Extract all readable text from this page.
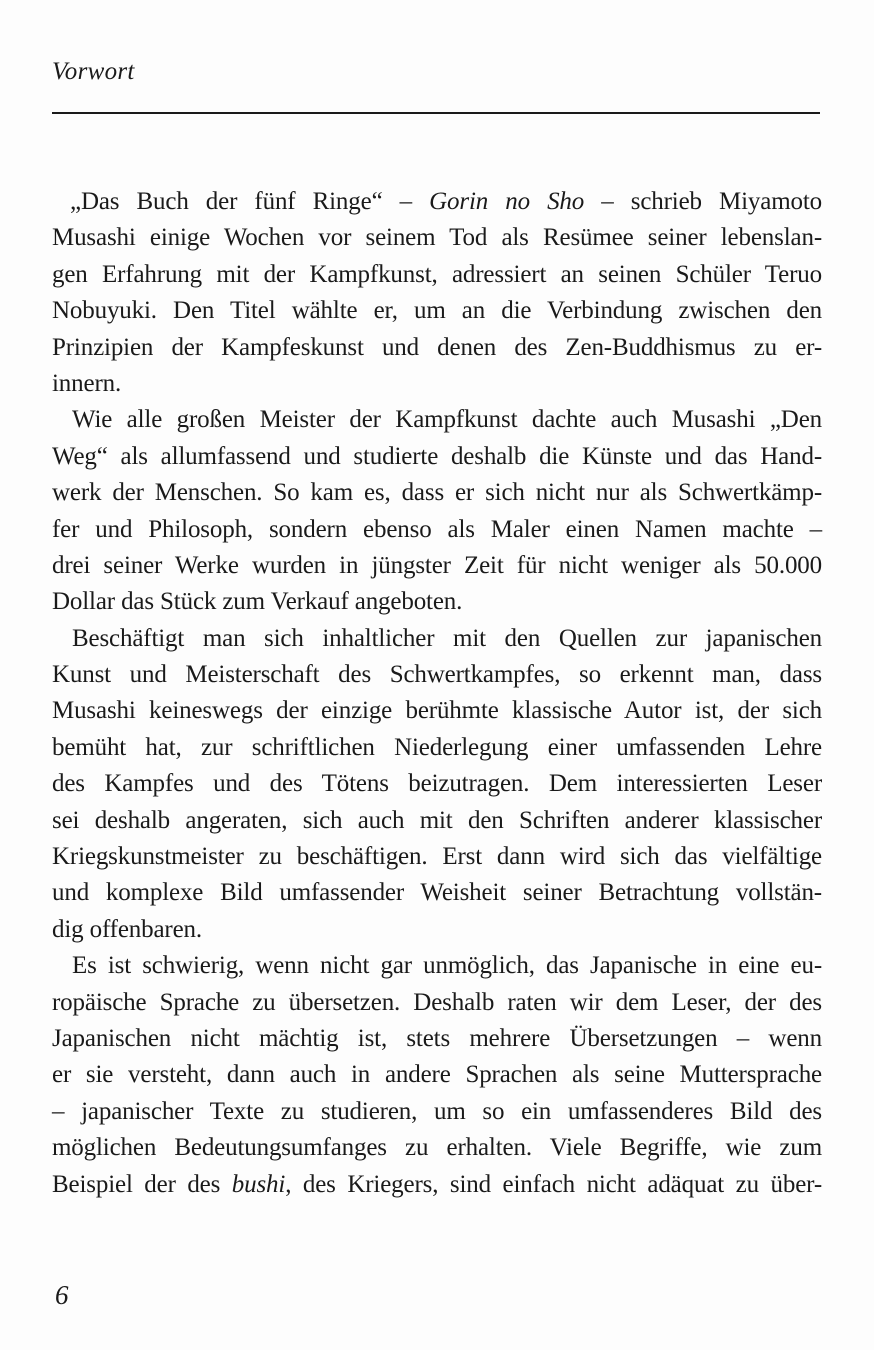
Vorwort
„Das Buch der fünf Ringe“ – Gorin no Sho – schrieb Miyamoto
Musashi einige Wochen vor seinem Tod als Resümee seiner lebenslan-
gen Erfahrung mit der Kampfkunst, adressiert an seinen Schüler Teruo
Nobuyuki. Den Titel wählte er, um an die Verbindung zwischen den
Prinzipien der Kampfeskunst und denen des Zen-Buddhismus zu er-
innern.
Wie alle großen Meister der Kampfkunst dachte auch Musashi „Den
Weg“ als allumfassend und studierte deshalb die Künste und das Hand-
werk der Menschen. So kam es, dass er sich nicht nur als Schwertkämp-
fer und Philosoph, sondern ebenso als Maler einen Namen machte –
drei seiner Werke wurden in jüngster Zeit für nicht weniger als 50.000
Dollar das Stück zum Verkauf angeboten.
Beschäftigt man sich inhaltlicher mit den Quellen zur japanischen
Kunst und Meisterschaft des Schwertkampfes, so erkennt man, dass
Musashi keineswegs der einzige berühmte klassische Autor ist, der sich
bemüht hat, zur schriftlichen Niederlegung einer umfassenden Lehre
des Kampfes und des Tötens beizutragen. Dem interessierten Leser
sei deshalb angeraten, sich auch mit den Schriften anderer klassischer
Kriegskunstmeister zu beschäftigen. Erst dann wird sich das vielfältige
und komplexe Bild umfassender Weisheit seiner Betrachtung vollstän-
dig offenbaren.
Es ist schwierig, wenn nicht gar unmöglich, das Japanische in eine eu-
ropäische Sprache zu übersetzen. Deshalb raten wir dem Leser, der des
Japanischen nicht mächtig ist, stets mehrere Übersetzungen – wenn
er sie versteht, dann auch in andere Sprachen als seine Muttersprache
– japanischer Texte zu studieren, um so ein umfassenderes Bild des
möglichen Bedeutungsumfanges zu erhalten. Viele Begriffe, wie zum
Beispiel der des bushi, des Kriegers, sind einfach nicht adäquat zu über-
6
